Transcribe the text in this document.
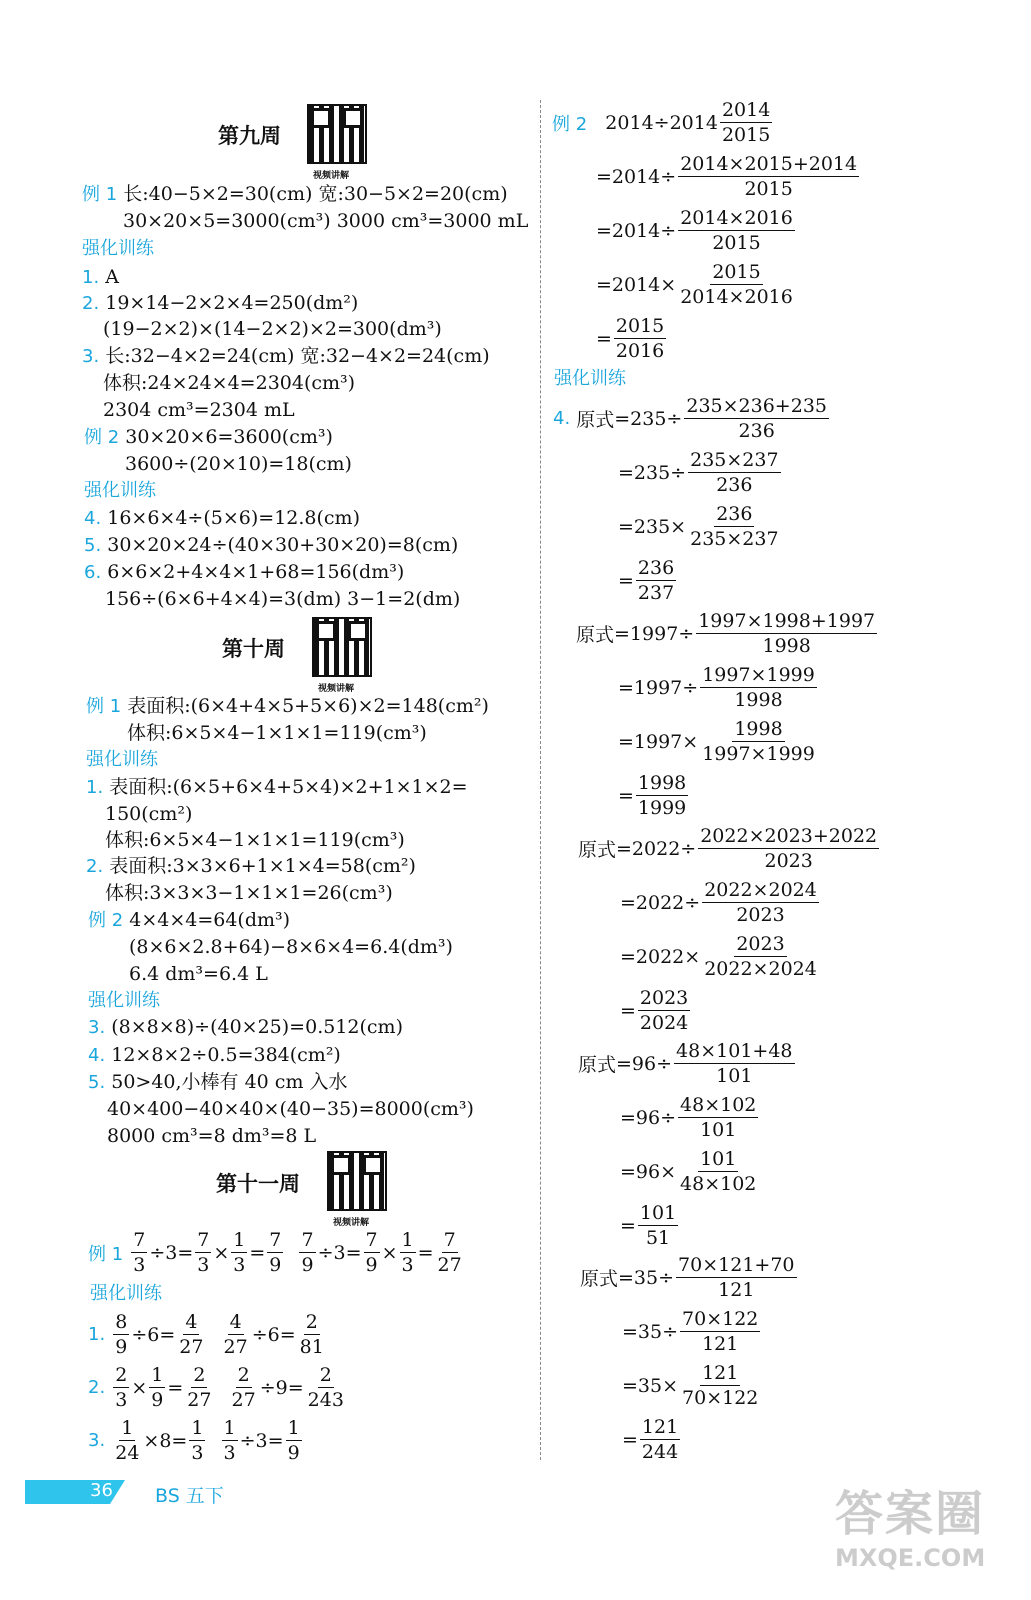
第九周
视频讲解
例 1 长:40−5×2=30(cm) 宽:30−5×2=20(cm)
30×20×5=3000(cm³) 3000 cm³=3000 mL
强化训练
1. A
2. 19×14−2×2×4=250(dm²)
(19−2×2)×(14−2×2)×2=300(dm³)
3. 长:32−4×2=24(cm) 宽:32−4×2=24(cm)
体积:24×24×4=2304(cm³)
2304 cm³=2304 mL
例 2 30×20×6=3600(cm³)
3600÷(20×10)=18(cm)
强化训练
4. 16×6×4÷(5×6)=12.8(cm)
5. 30×20×24÷(40×30+30×20)=8(cm)
6. 6×6×2+4×4×1+68=156(dm³)
156÷(6×6+4×4)=3(dm) 3−1=2(dm)
第十周
视频讲解
例 1 表面积:(6×4+4×5+5×6)×2=148(cm²)
体积:6×5×4−1×1×1=119(cm³)
强化训练
1. 表面积:(6×5+6×4+5×4)×2+1×1×2=
150(cm²)
体积:6×5×4−1×1×1=119(cm³)
2. 表面积:3×3×6+1×1×4=58(cm²)
体积:3×3×3−1×1×1=26(cm³)
例 2 4×4×4=64(dm³)
(8×6×2.8+64)−8×6×4=6.4(dm³)
6.4 dm³=6.4 L
强化训练
3. (8×8×8)÷(40×25)=0.512(cm)
4. 12×8×2÷0.5=384(cm²)
5. 50>40,小棒有 40 cm 入水
40×400−40×40×(40−35)=8000(cm³)
8000 cm³=8 dm³=8 L
第十一周
视频讲解
例 1

7
3
÷3=
7
3
×
1
3
=
7
9

7
9
÷3=
7
9
×
1
3
=
7
27
强化训练
1.

8
9
÷6=
4
27

4
27
÷6=
2
81
2.

2
3
×
1
9
=
2
27

2
27
÷9=
2
243
3.

1
24
×8=
1
3

1
3
÷3=
1
9
例 2 2014÷2014
2014
2015
=2014÷
2014×2015+2014
2015
=2014÷
2014×2016
2015
=2014×
2015
2014×2016
=
2015
2016
强化训练
4.
原式 =235÷
235×236+235
236
=235÷
235×237
236
=235×
236
235×237
=
236
237
原式 =1997÷
1997×1998+1997
1998
=1997÷
1997×1999
1998
=1997×
1998
1997×1999
=
1998
1999
原式 =2022÷
2022×2023+2022
2023
=2022÷
2022×2024
2023
=2022×
2023
2022×2024
=
2023
2024
原式 =96÷
48×101+48
101
=96÷
48×102
101
=96×
101
48×102
=
101
51
原式 =35÷
70×121+70
121
=35÷
70×122
121
=35×
121
70×122
=
121
244
36 BS 五下	答案圈
MXQE.COM
